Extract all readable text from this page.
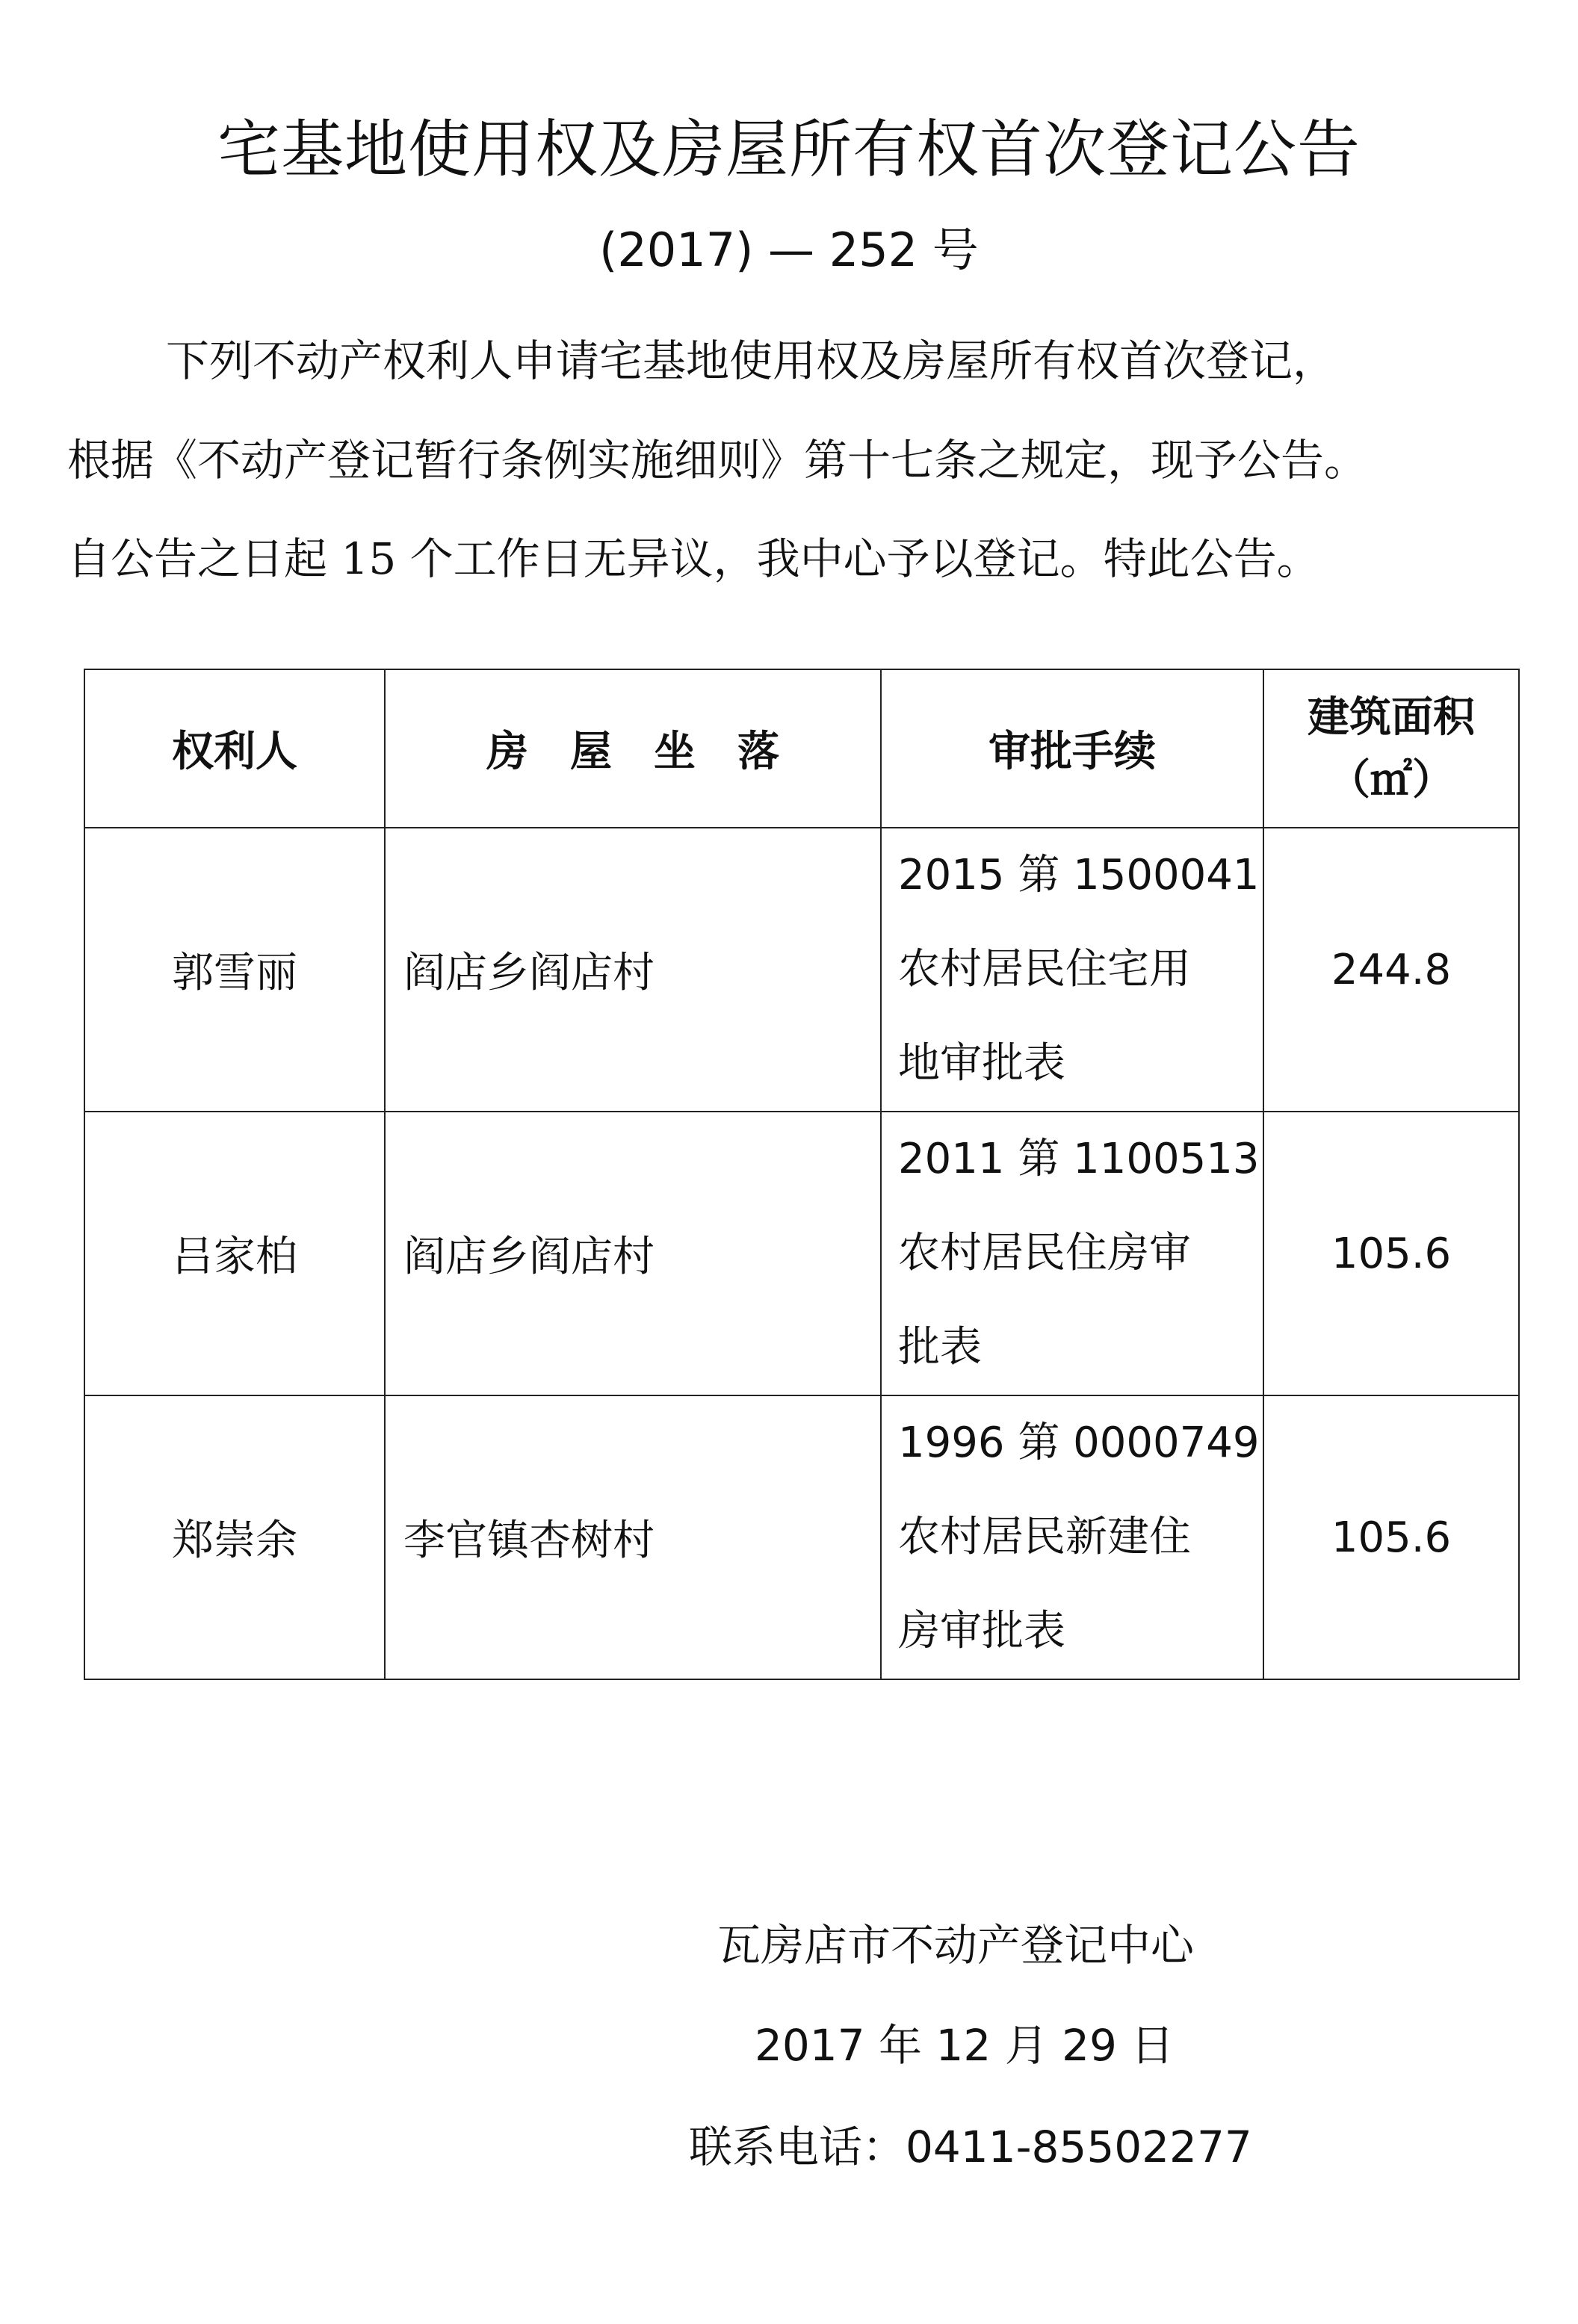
宅基地使用权及房屋所有权首次登记公告
(2017) — 252 号
下列不动产权利人申请宅基地使用权及房屋所有权首次登记，
根据《不动产登记暂行条例实施细则》第十七条之规定，现予公告。
自公告之日起 15 个工作日无异议，我中心予以登记。特此公告。
权利人	房　屋　坐　落	审批手续	建筑面积
（㎡）

郭雪丽	阎店乡阎店村	2015 第 1500041
农村居民住宅用
地审批表	244.8
吕家柏	阎店乡阎店村	2011 第 1100513
农村居民住房审
批表	105.6
郑崇余	李官镇杏树村	1996 第 0000749
农村居民新建住
房审批表	105.6
瓦房店市不动产登记中心
2017 年 12 月 29 日
联系电话：0411-85502277
